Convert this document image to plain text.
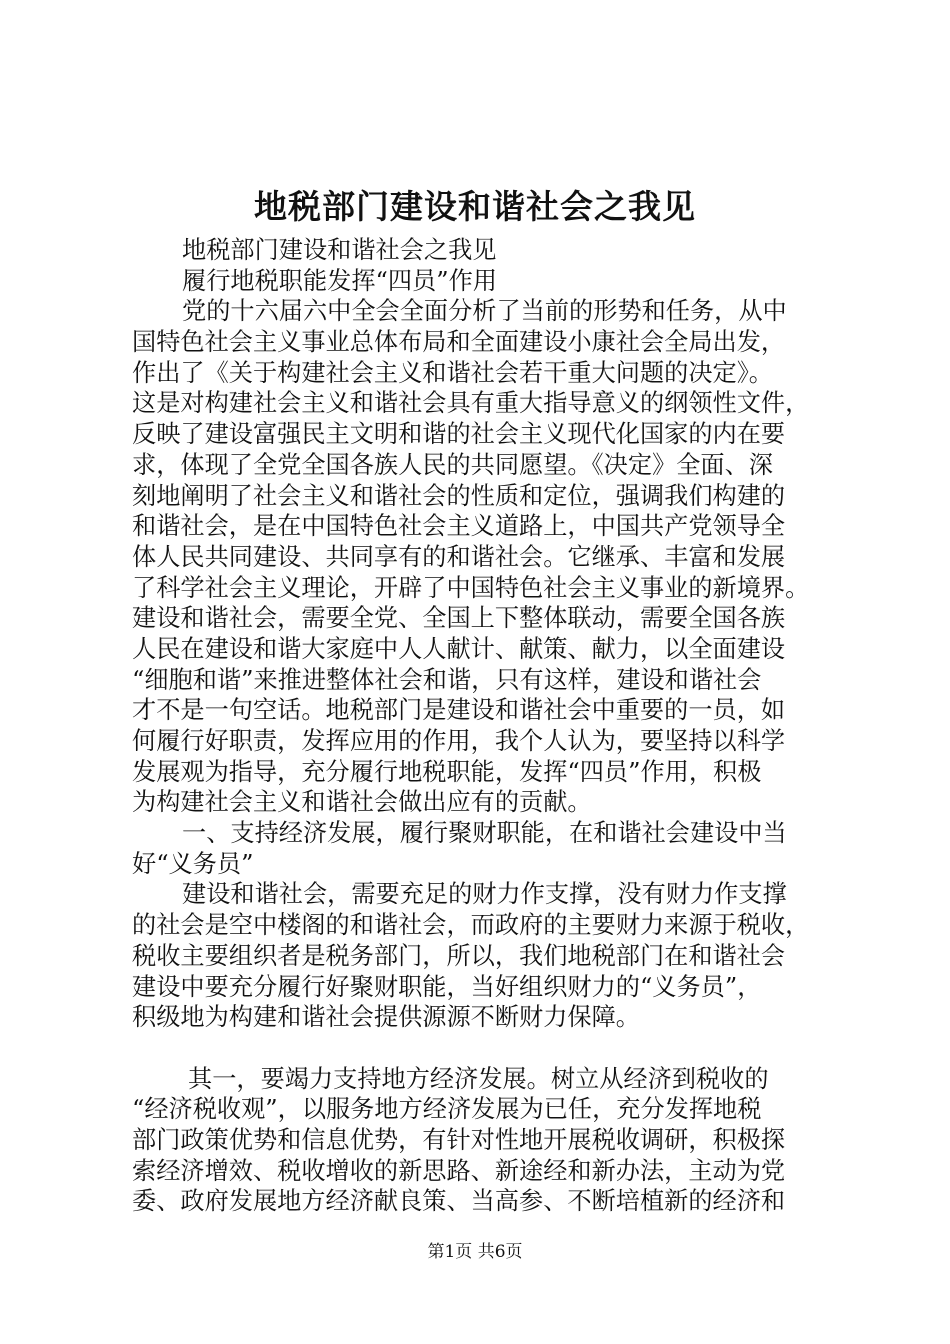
地税部门建设和谐社会之我见
地税部门建设和谐社会之我见
履行地税职能发挥“四员”作用
党的十六届六中全会全面分析了当前的形势和任务，从中
国特色社会主义事业总体布局和全面建设小康社会全局出发，
作出了《关于构建社会主义和谐社会若干重大问题的决定》。
这是对构建社会主义和谐社会具有重大指导意义的纲领性文件，
反映了建设富强民主文明和谐的社会主义现代化国家的内在要
求，体现了全党全国各族人民的共同愿望。《决定》全面、深
刻地阐明了社会主义和谐社会的性质和定位，强调我们构建的
和谐社会，是在中国特色社会主义道路上，中国共产党领导全
体人民共同建设、共同享有的和谐社会。它继承、丰富和发展
了科学社会主义理论，开辟了中国特色社会主义事业的新境界。
建设和谐社会，需要全党、全国上下整体联动，需要全国各族
人民在建设和谐大家庭中人人献计、献策、献力，以全面建设
“细胞和谐”来推进整体社会和谐，只有这样，建设和谐社会
才不是一句空话。地税部门是建设和谐社会中重要的一员，如
何履行好职责，发挥应用的作用，我个人认为，要坚持以科学
发展观为指导，充分履行地税职能，发挥“四员”作用，积极
为构建社会主义和谐社会做出应有的贡献。
一、支持经济发展，履行聚财职能，在和谐社会建设中当
好“义务员”
建设和谐社会，需要充足的财力作支撑，没有财力作支撑
的社会是空中楼阁的和谐社会，而政府的主要财力来源于税收，
税收主要组织者是税务部门，所以，我们地税部门在和谐社会
建设中要充分履行好聚财职能，当好组织财力的“义务员”，
积级地为构建和谐社会提供源源不断财力保障。
其一，要竭力支持地方经济发展。树立从经济到税收的
“经济税收观”，以服务地方经济发展为已任，充分发挥地税
部门政策优势和信息优势，有针对性地开展税收调研，积极探
索经济增效、税收增收的新思路、新途经和新办法，主动为党
委、政府发展地方经济献良策、当高参、不断培植新的经济和
第1页 共6页
